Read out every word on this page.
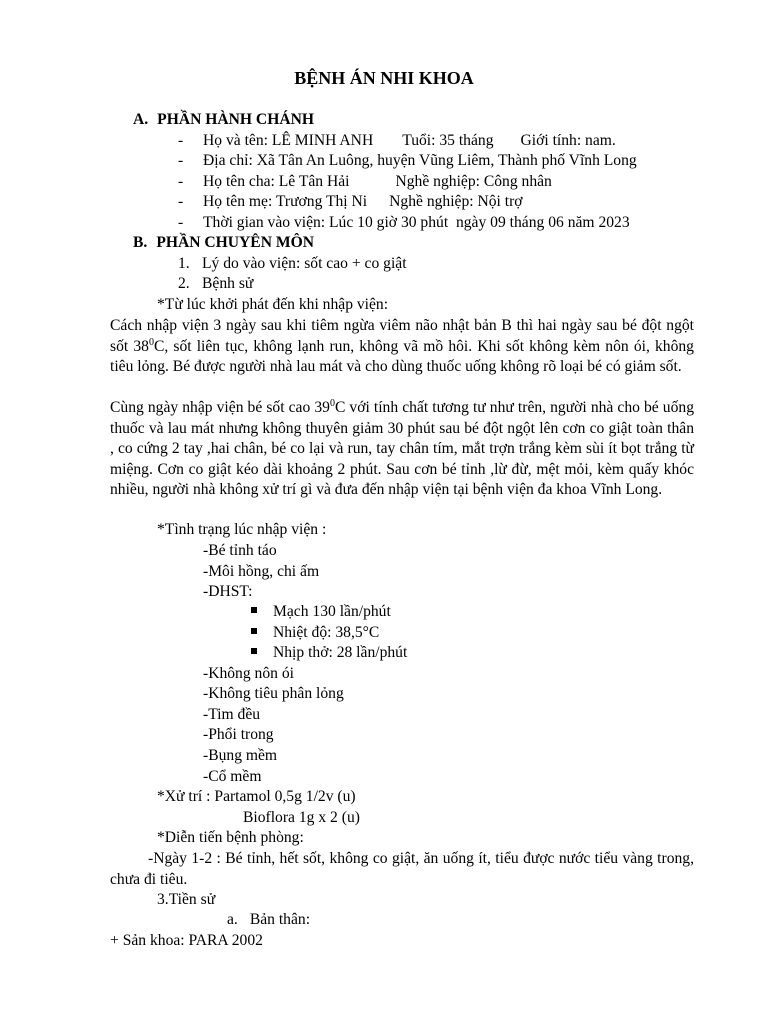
BỆNH ÁN NHI KHOA
A. PHẦN HÀNH CHÁNH
- Họ và tên: LÊ MINH ANH Tuổi: 35 tháng Giới tính: nam.
- Địa chỉ: Xã Tân An Luông, huyện Vũng Liêm, Thành phố Vĩnh Long
- Họ tên cha: Lê Tân Hải	Nghề nghiệp: Công nhân
- Họ tên mẹ: Trương Thị Ni Nghề nghiệp: Nội trợ
- Thời gian vào viện: Lúc 10 giờ 30 phút  ngày 09 tháng 06 năm 2023
B. PHẦN CHUYÊN MÔN
1. Lý do vào viện: sốt cao + co giật
2. Bệnh sử
*Từ lúc khởi phát đến khi nhập viện:
Cách nhập viện 3 ngày sau khi tiêm ngừa viêm não nhật bản B thì hai ngày sau bé đột ngột sốt $38^0C$, sốt liên tục, không lạnh run, không vã mồ hôi. Khi sốt không kèm nôn ói, không tiêu lỏng. Bé được người nhà lau mát và cho dùng thuốc uống không rõ loại bé có giảm sốt.
Cùng ngày nhập viện bé sốt cao $39^0C$ với tính chất tương tư như trên, người nhà cho bé uống thuốc và lau mát nhưng không thuyên giảm 30 phút sau bé đột ngột lên cơn co giật toàn thân , co cứng 2 tay ,hai chân, bé co lại và run, tay chân tím, mắt trợn trắng kèm sùi ít bọt trắng từ miệng. Cơn co giật kéo dài khoảng 2 phút. Sau cơn bé tỉnh ,lừ đừ, mệt mỏi, kèm quấy khóc nhiều, người nhà không xử trí gì và đưa đến nhập viện tại bệnh viện đa khoa Vĩnh Long.
*Tình trạng lúc nhập viện :
-Bé tỉnh táo
-Môi hồng, chi ấm
-DHST:
Mạch 130 lần/phút
Nhiệt độ: 38,5°C
Nhịp thở: 28 lần/phút
-Không nôn ói
-Không tiêu phân lỏng
-Tim đều
-Phổi trong
-Bụng mềm
-Cổ mềm
*Xử trí : Partamol 0,5g 1/2v (u)
Bioflora 1g x 2 (u)
*Diễn tiến bệnh phòng:
-Ngày 1-2 : Bé tỉnh, hết sốt, không co giật, ăn uống ít, tiểu được nước tiểu vàng trong, chưa đi tiêu.
3.Tiền sử
a. Bản thân:
+ Sản khoa: PARA 2002
